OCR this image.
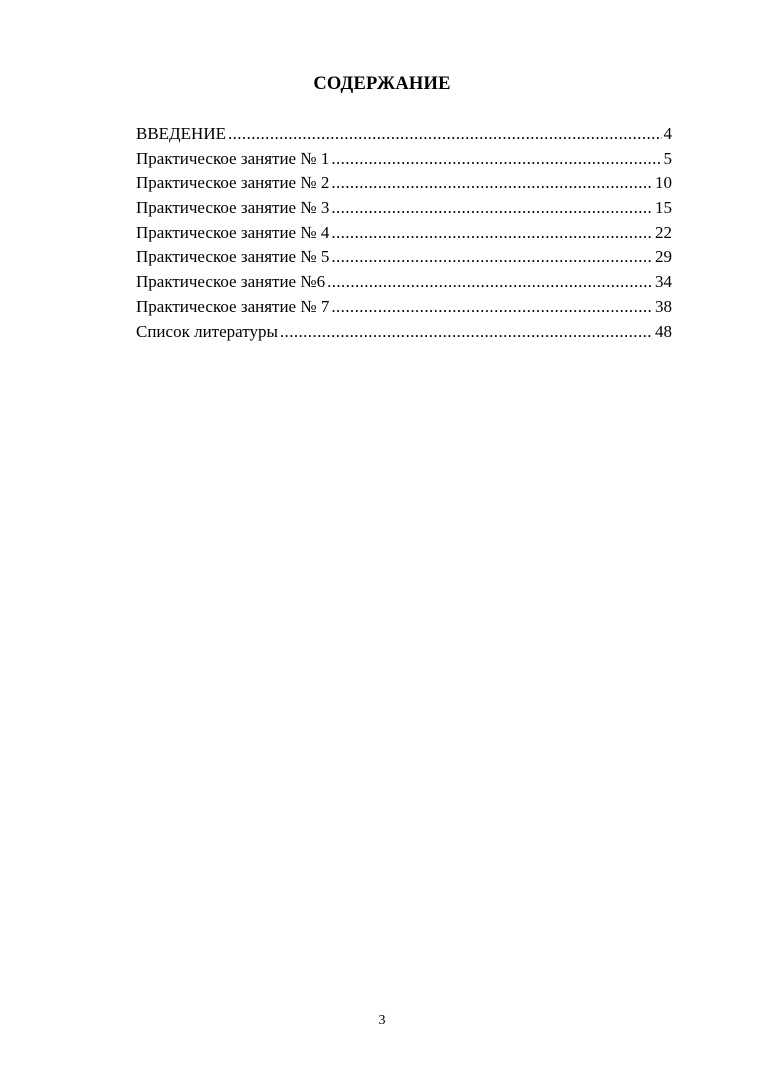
СОДЕРЖАНИЕ
ВВЕДЕНИЕ .....	4
Практическое занятие № 1 .....	5
Практическое занятие № 2 .....	10
Практическое занятие № 3 .....	15
Практическое занятие № 4 .....	22
Практическое занятие № 5 .....	29
Практическое занятие №6 .....	34
Практическое занятие № 7 .....	38
Список литературы .....	48
3
